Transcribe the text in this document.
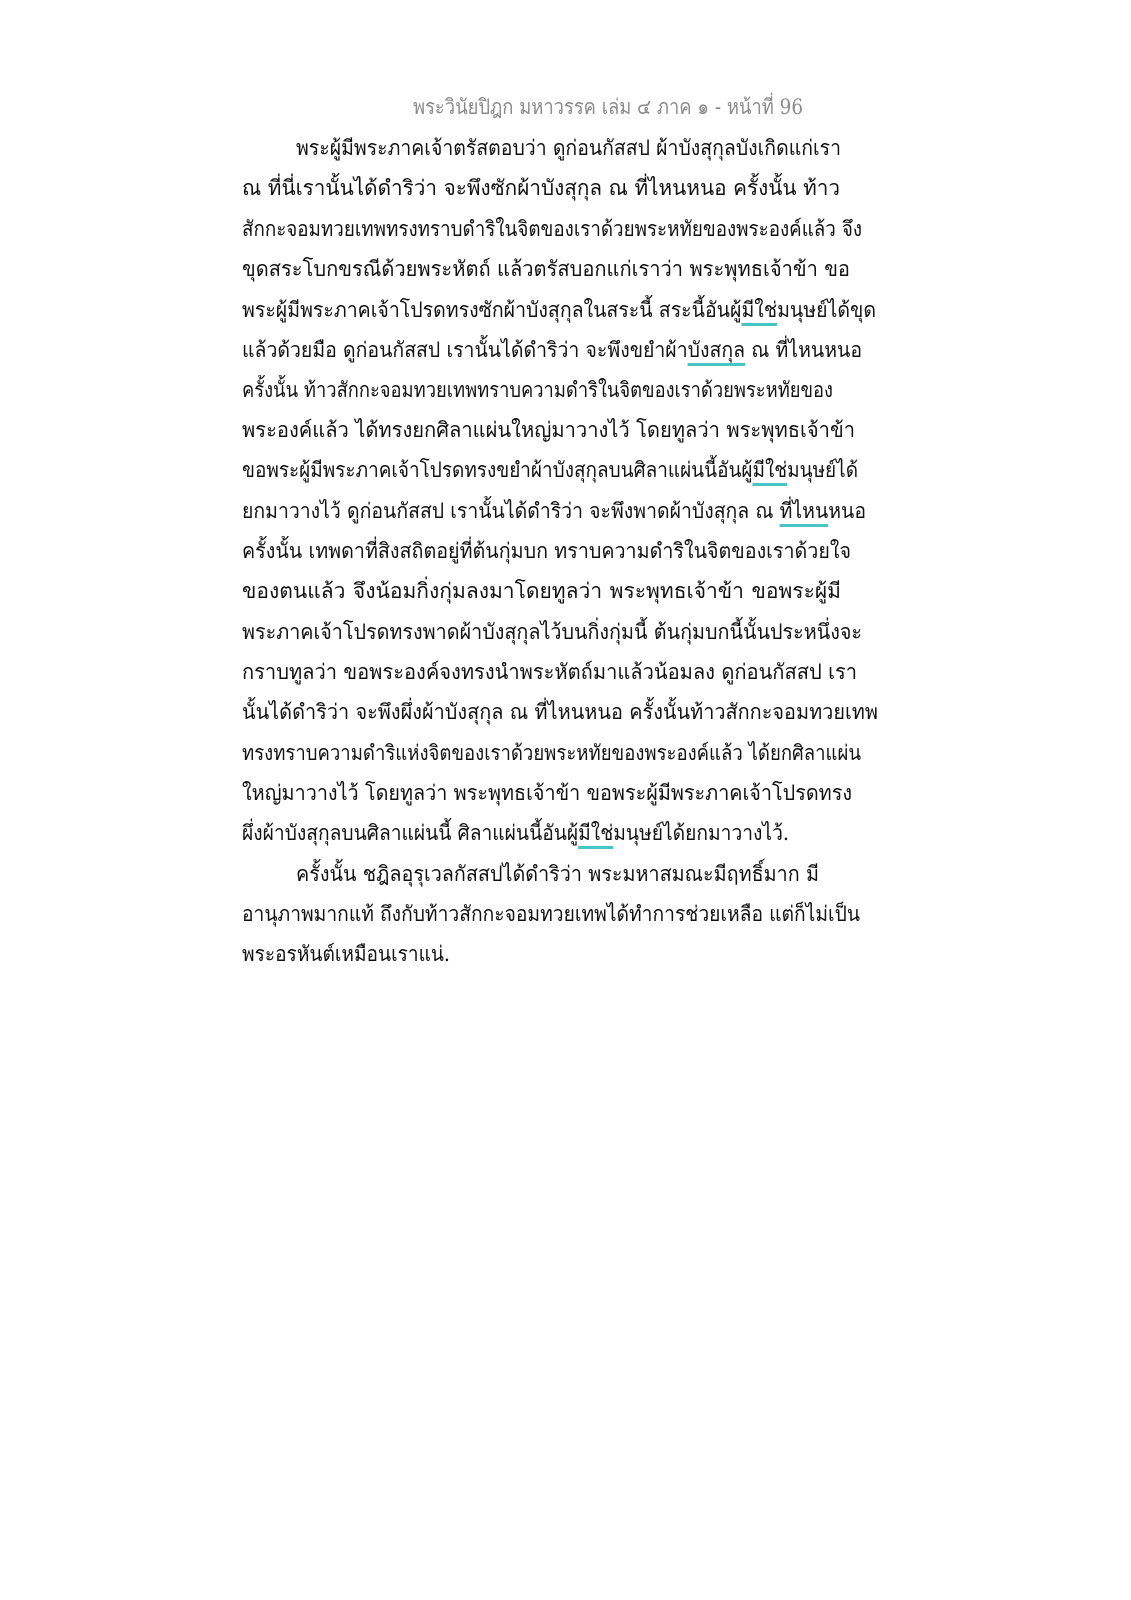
พระวินัยปิฎก มหาวรรค เล่ม ๔ ภาค ๑ - หน้าที่ 96
พระผู้มีพระภาคเจ้าตรัสตอบว่า ดูก่อนกัสสป ผ้าบังสุกุลบังเกิดแก่เรา
ณ ที่นี่เรานั้นได้ดำริว่า จะพึงซักผ้าบังสุกุล ณ ที่ไหนหนอ ครั้งนั้น ท้าว
สักกะจอมทวยเทพทรงทราบดำริในจิตของเราด้วยพระหทัยของพระองค์แล้ว จึง
ขุดสระโบกขรณีด้วยพระหัตถ์ แล้วตรัสบอกแก่เราว่า พระพุทธเจ้าข้า ขอ
พระผู้มีพระภาคเจ้าโปรดทรงซักผ้าบังสุกุลในสระนี้ สระนี้อันผู้มีใช่มนุษย์ได้ขุด
แล้วด้วยมือ ดูก่อนกัสสป เรานั้นได้ดำริว่า จะพึงขยำผ้าบังสกุล ณ ที่ไหนหนอ
ครั้งนั้น ท้าวสักกะจอมทวยเทพทราบความดำริในจิตของเราด้วยพระหทัยของ
พระองค์แล้ว ได้ทรงยกศิลาแผ่นใหญ่มาวางไว้ โดยทูลว่า พระพุทธเจ้าข้า
ขอพระผู้มีพระภาคเจ้าโปรดทรงขยำผ้าบังสุกุลบนศิลาแผ่นนี้อันผู้มีใช่มนุษย์ได้
ยกมาวางไว้ ดูก่อนกัสสป เรานั้นได้ดำริว่า จะพึงพาดผ้าบังสุกุล ณ ที่ไหนหนอ
ครั้งนั้น เทพดาที่สิงสถิตอยู่ที่ต้นกุ่มบก ทราบความดำริในจิตของเราด้วยใจ
ของตนแล้ว จึงน้อมกิ่งกุ่มลงมาโดยทูลว่า พระพุทธเจ้าข้า ขอพระผู้มี
พระภาคเจ้าโปรดทรงพาดผ้าบังสุกุลไว้บนกิ่งกุ่มนี้ ต้นกุ่มบกนี้นั้นประหนึ่งจะ
กราบทูลว่า ขอพระองค์จงทรงนำพระหัตถ์มาแล้วน้อมลง ดูก่อนกัสสป เรา
นั้นได้ดำริว่า จะพึงผึ่งผ้าบังสุกุล ณ ที่ไหนหนอ ครั้งนั้นท้าวสักกะจอมทวยเทพ
ทรงทราบความดำริแห่งจิตของเราด้วยพระหทัยของพระองค์แล้ว ได้ยกศิลาแผ่น
ใหญ่มาวางไว้ โดยทูลว่า พระพุทธเจ้าข้า ขอพระผู้มีพระภาคเจ้าโปรดทรง
ผึ่งผ้าบังสุกุลบนศิลาแผ่นนี้ ศิลาแผ่นนี้อันผู้มีใช่มนุษย์ได้ยกมาวางไว้.
ครั้งนั้น ชฎิลอุรุเวลกัสสปได้ดำริว่า พระมหาสมณะมีฤทธิ์มาก มี
อานุภาพมากแท้ ถึงกับท้าวสักกะจอมทวยเทพได้ทำการช่วยเหลือ แต่ก็ไม่เป็น
พระอรหันต์เหมือนเราแน่.
